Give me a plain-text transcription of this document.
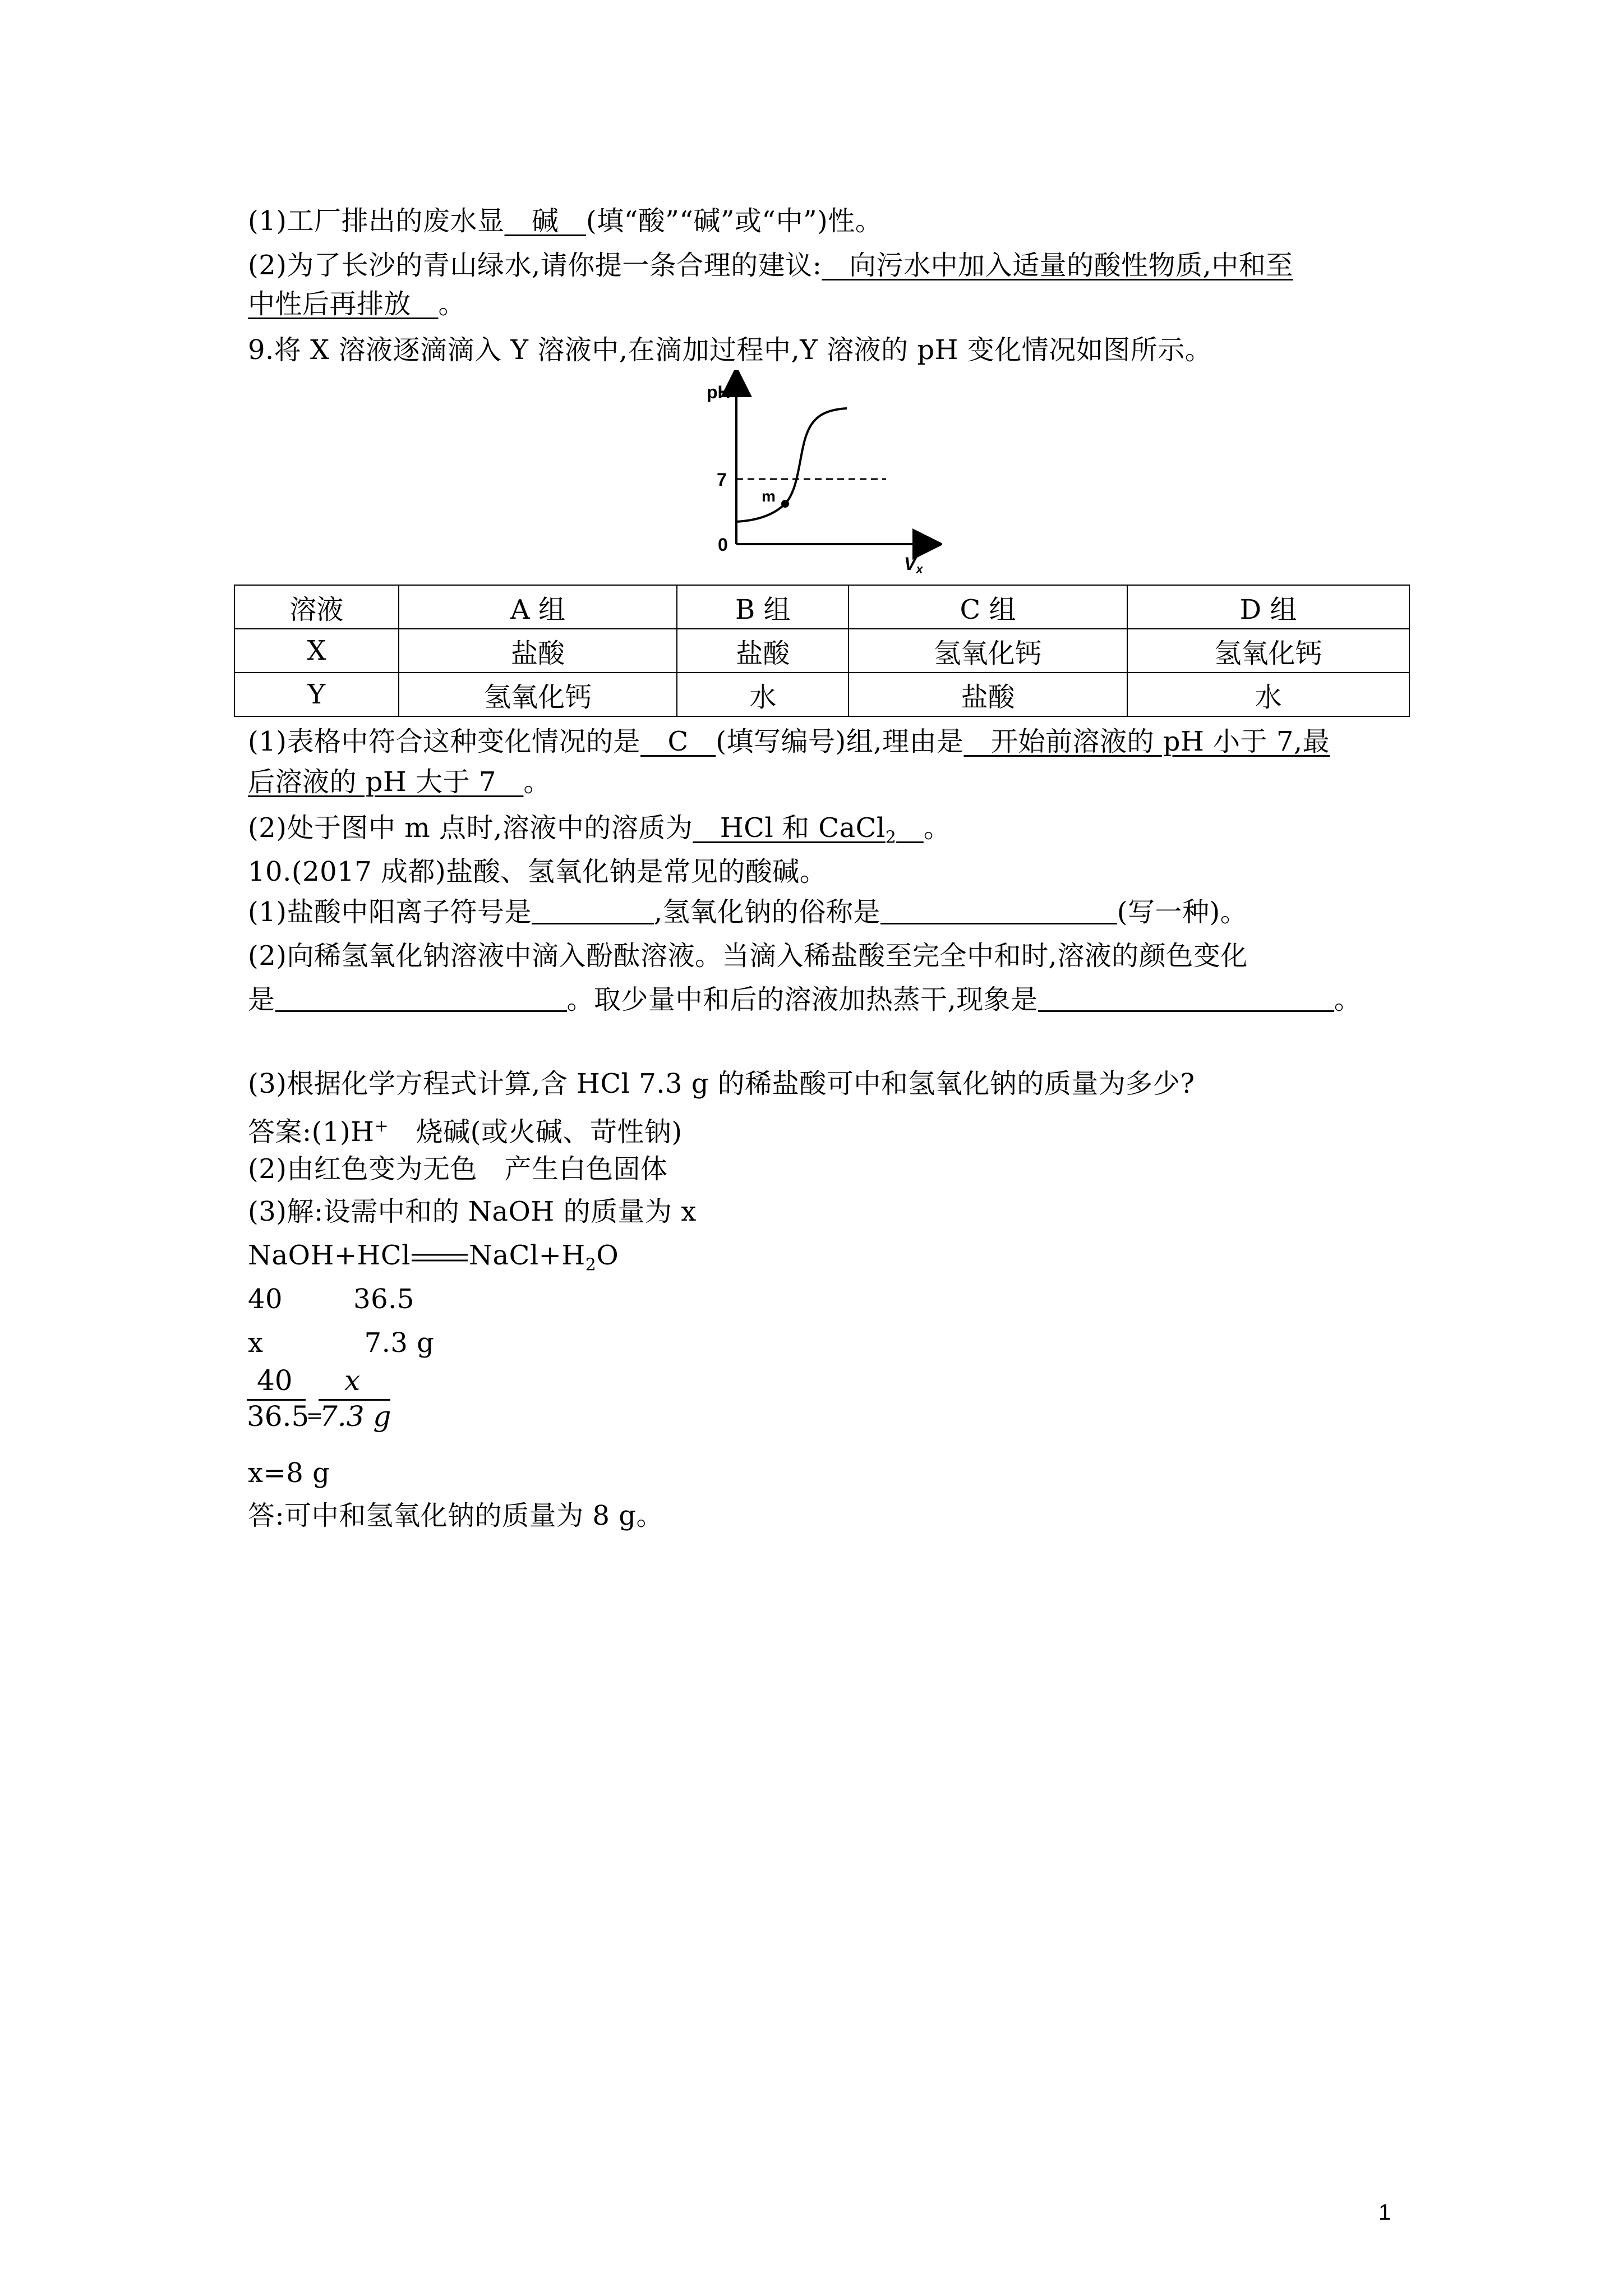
(1)工厂排出的废水显　碱　(填“酸”“碱”或“中”)性。
(2)为了长沙的青山绿水,请你提一条合理的建议:　向污水中加入适量的酸性物质,中和至
中性后再排放　。
9.将 X 溶液逐滴滴入 Y 溶液中,在滴加过程中,Y 溶液的 pH 变化情况如图所示。
pH
7
0
m
Vx
溶液	A 组	B 组	C 组	D 组
X	盐酸	盐酸	氢氧化钙	氢氧化钙
Y	氢氧化钙	水	盐酸	水
(1)表格中符合这种变化情况的是　C　(填写编号)组,理由是　开始前溶液的 pH 小于 7,最
后溶液的 pH 大于 7　。
(2)处于图中 m 点时,溶液中的溶质为　HCl 和 CaCl$_2$　 。
10.(2017 成都)盐酸、氢氧化钠是常见的酸碱。
(1)盐酸中阳离子符号是	,氢氧化钠的俗称是	(写一种)。
(2)向稀氢氧化钠溶液中滴入酚酞溶液。当滴入稀盐酸至完全中和时,溶液的颜色变化
是	。取少量中和后的溶液加热蒸干,现象是	。
(3)根据化学方程式计算,含 HCl 7.3 g 的稀盐酸可中和氢氧化钠的质量为多少?
答案:(1)H+　烧碱(或火碱、苛性钠)
(2)由红色变为无色　产生白色固体
(3)解:设需中和的 NaOH 的质量为 x
NaOH+HCl $NaCl+H_2O$
40	36.5
x	7.3 g
40
36.5
=
x
7.3 g
x=8 g
答:可中和氢氧化钠的质量为 8 g。
1
